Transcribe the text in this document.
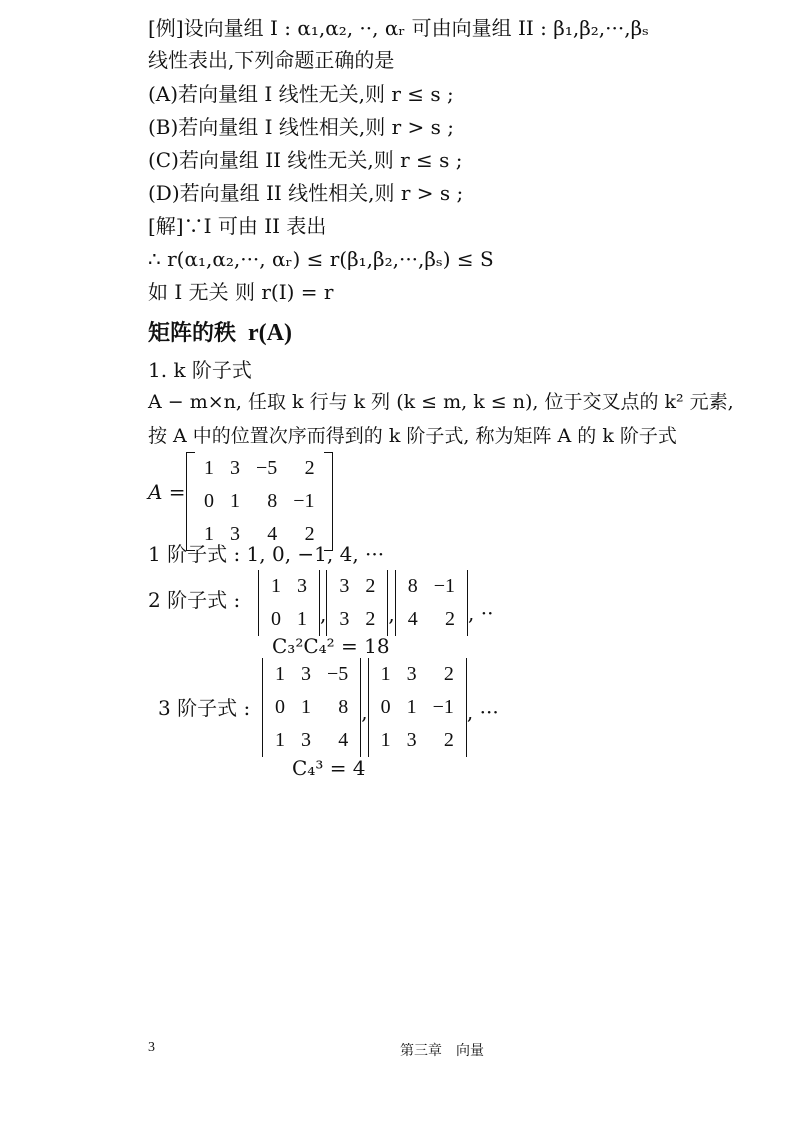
[例]设向量组 I : α₁,α₂, ··, αᵣ 可由向量组 II : β₁,β₂,···,βₛ
线性表出,下列命题正确的是
(A)若向量组 I 线性无关,则 r ≤ s ;
(B)若向量组 I 线性相关,则 r > s ;
(C)若向量组 II 线性无关,则 r ≤ s ;
(D)若向量组 II 线性相关,则 r > s ;
[解]∵I 可由 II 表出
∴ r(α₁,α₂,···, αᵣ) ≤ r(β₁,β₂,···,βₛ) ≤ S
如 I 无关 则 r(I) = r
矩阵的秩 r(A)
1. k 阶子式
A − m×n, 任取 k 行与 k 列 (k ≤ m, k ≤ n), 位于交叉点的 k² 元素,
按 A 中的位置次序而得到的 k 阶子式, 称为矩阵 A 的 k 阶子式
A =
1	3	−5	2
0	1	8	−1
1	3	4	2
1 阶子式 : 1, 0, −1, 4, ···
2 阶子式 :
1	3
0	1 ,
3	2
3	2 ,
8	−1
4	2 , ··
C₃²C₄² = 18
3 阶子式 :
1	3	−5
0	1	8
1	3	4
,
1	3	2
0	1	−1
1	3	2
, ···
C₄³ = 4
3	第三章    向量
